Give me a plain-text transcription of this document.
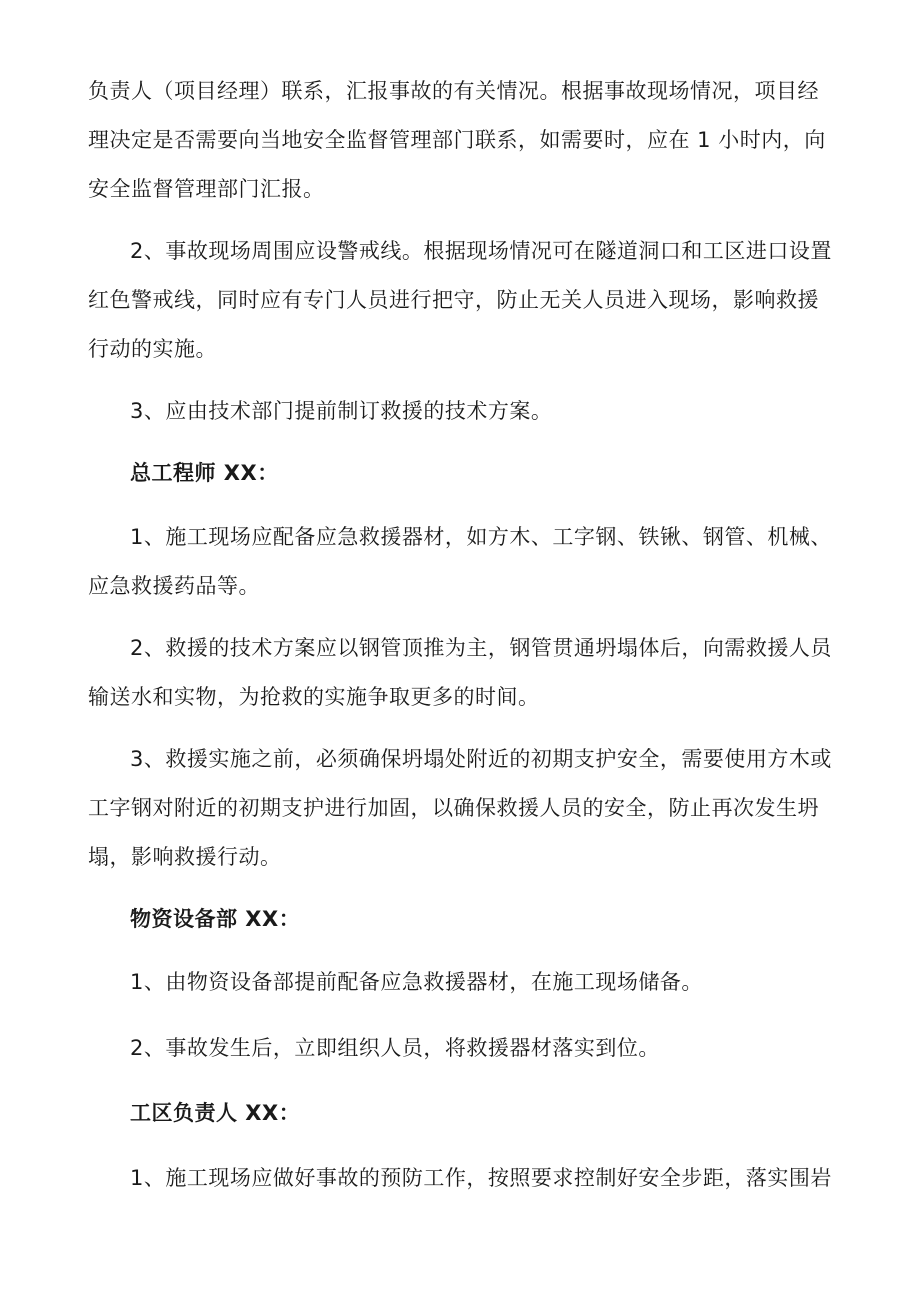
负责人（项目经理）联系，汇报事故的有关情况。根据事故现场情况，项目经
理决定是否需要向当地安全监督管理部门联系，如需要时，应在 1 小时内，向
安全监督管理部门汇报。
2、事故现场周围应设警戒线。根据现场情况可在隧道洞口和工区进口设置
红色警戒线，同时应有专门人员进行把守，防止无关人员进入现场，影响救援
行动的实施。
3、应由技术部门提前制订救援的技术方案。
总工程师 XX：
1、施工现场应配备应急救援器材，如方木、工字钢、铁锹、钢管、机械、
应急救援药品等。
2、救援的技术方案应以钢管顶推为主，钢管贯通坍塌体后，向需救援人员
输送水和实物，为抢救的实施争取更多的时间。
3、救援实施之前，必须确保坍塌处附近的初期支护安全，需要使用方木或
工字钢对附近的初期支护进行加固，以确保救援人员的安全，防止再次发生坍
塌，影响救援行动。
物资设备部 XX：
1、由物资设备部提前配备应急救援器材，在施工现场储备。
2、事故发生后，立即组织人员，将救援器材落实到位。
工区负责人 XX：
1、施工现场应做好事故的预防工作，按照要求控制好安全步距，落实围岩
